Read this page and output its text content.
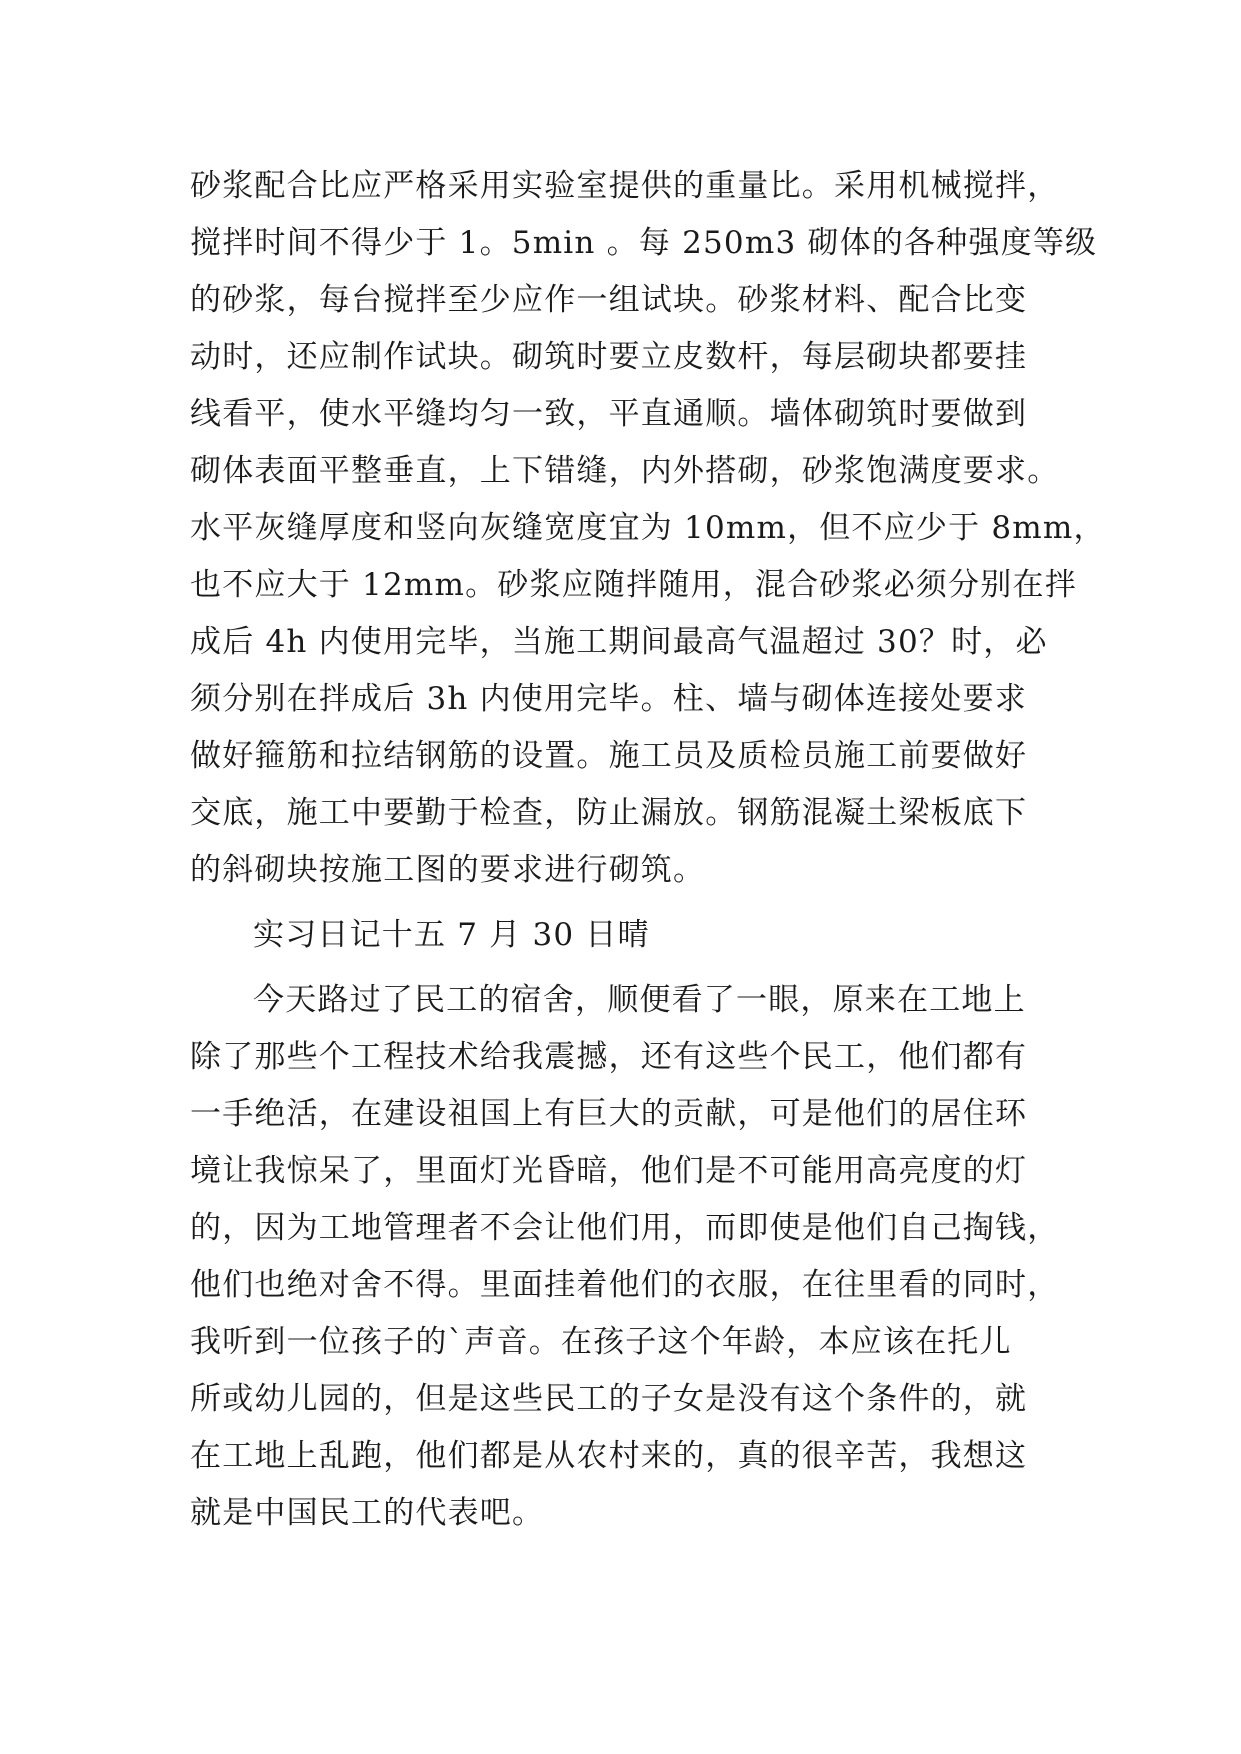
砂浆配合比应严格采用实验室提供的重量比。采用机械搅拌，
搅拌时间不得少于 1。5min 。每 250m3 砌体的各种强度等级
的砂浆，每台搅拌至少应作一组试块。砂浆材料、配合比变
动时，还应制作试块。砌筑时要立皮数杆，每层砌块都要挂
线看平，使水平缝均匀一致，平直通顺。墙体砌筑时要做到
砌体表面平整垂直，上下错缝，内外搭砌，砂浆饱满度要求。
水平灰缝厚度和竖向灰缝宽度宜为 10mm，但不应少于 8mm，
也不应大于 12mm。砂浆应随拌随用，混合砂浆必须分别在拌
成后 4h 内使用完毕，当施工期间最高气温超过 30？时，必
须分别在拌成后 3h 内使用完毕。柱、墙与砌体连接处要求
做好箍筋和拉结钢筋的设置。施工员及质检员施工前要做好
交底，施工中要勤于检查，防止漏放。钢筋混凝土梁板底下
的斜砌块按施工图的要求进行砌筑。
实习日记十五 7 月 30 日晴
今天路过了民工的宿舍，顺便看了一眼，原来在工地上
除了那些个工程技术给我震撼，还有这些个民工，他们都有
一手绝活，在建设祖国上有巨大的贡献，可是他们的居住环
境让我惊呆了，里面灯光昏暗，他们是不可能用高亮度的灯
的，因为工地管理者不会让他们用，而即使是他们自己掏钱，
他们也绝对舍不得。里面挂着他们的衣服，在往里看的同时，
我听到一位孩子的`声音。在孩子这个年龄，本应该在托儿
所或幼儿园的，但是这些民工的子女是没有这个条件的，就
在工地上乱跑，他们都是从农村来的，真的很辛苦，我想这
就是中国民工的代表吧。
